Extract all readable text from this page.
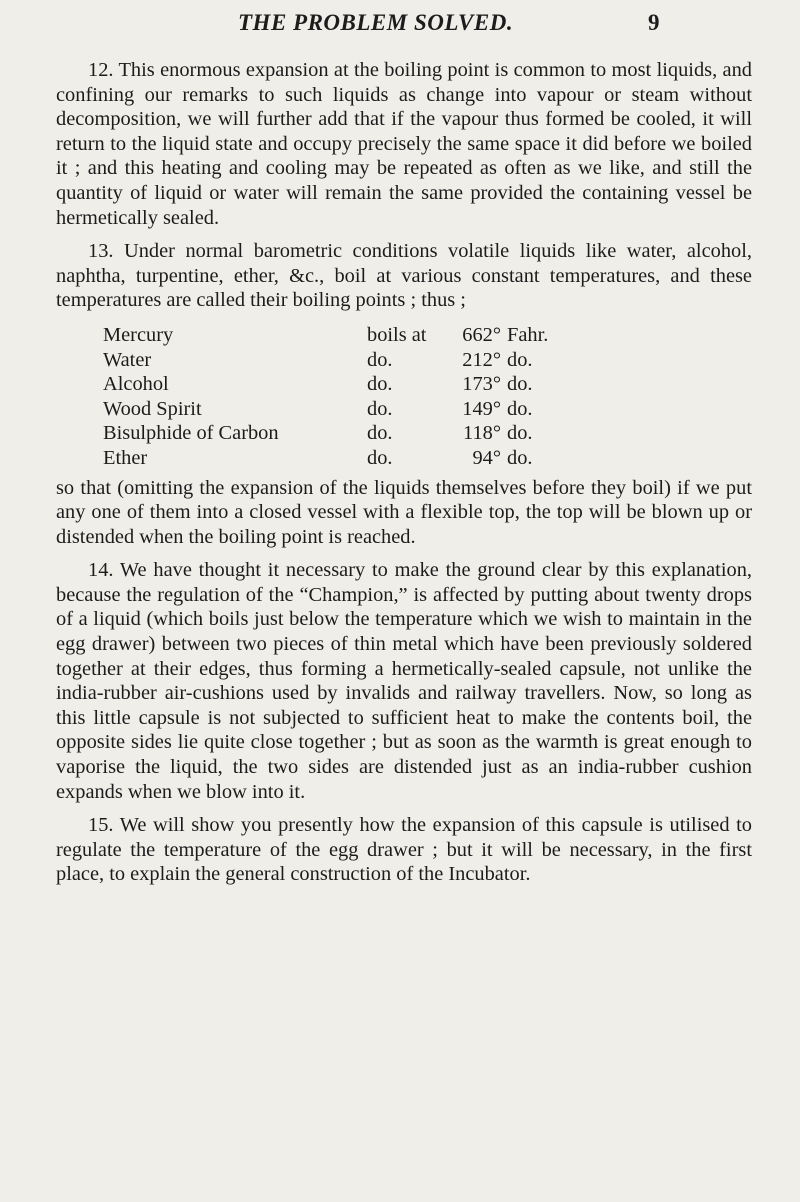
THE PROBLEM SOLVED.	9

12. This enormous expansion at the boiling point is common to most liquids, and confining our remarks to such liquids as change into vapour or steam without decomposition, we will further add that if the vapour thus formed be cooled, it will return to the liquid state and occupy precisely the same space it did before we boiled it ; and this heating and cooling may be repeated as often as we like, and still the quantity of liquid or water will remain the same provided the containing vessel be hermetically sealed.

13. Under normal barometric conditions volatile liquids like water, alcohol, naphtha, turpentine, ether, &c., boil at various constant temperatures, and these temperatures are called their boiling points ; thus ;

Mercury	boils at	662° Fahr.
Water	do.	212° do.
Alcohol	do.	173° do.
Wood Spirit	do.	149° do.
Bisulphide of Carbon	do.	118° do.
Ether	do.	94° do.

so that (omitting the expansion of the liquids themselves before they boil) if we put any one of them into a closed vessel with a flexible top, the top will be blown up or distended when the boiling point is reached.

14. We have thought it necessary to make the ground clear by this explanation, because the regulation of the “Champion,” is affected by putting about twenty drops of a liquid (which boils just below the temperature which we wish to maintain in the egg drawer) between two pieces of thin metal which have been previously soldered together at their edges, thus forming a hermetically-sealed capsule, not unlike the india-rubber air-cushions used by invalids and railway travellers. Now, so long as this little capsule is not subjected to sufficient heat to make the contents boil, the opposite sides lie quite close together ; but as soon as the warmth is great enough to vaporise the liquid, the two sides are distended just as an india-rubber cushion expands when we blow into it.

15. We will show you presently how the expansion of this capsule is utilised to regulate the temperature of the egg drawer ; but it will be necessary, in the first place, to explain the general construction of the Incubator.
